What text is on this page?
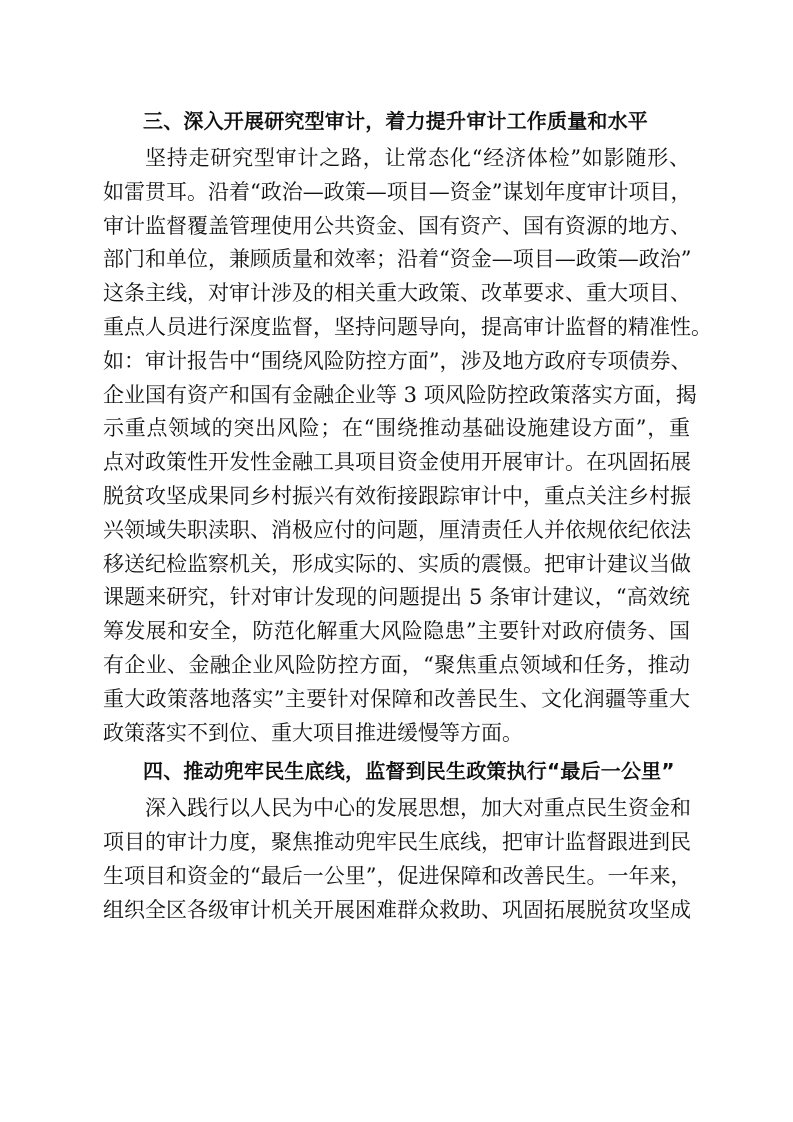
三、深入开展研究型审计，着力提升审计工作质量和水平
坚持走研究型审计之路，让常态化“经济体检”如影随形、
如雷贯耳。沿着“政治—政策—项目—资金”谋划年度审计项目，
审计监督覆盖管理使用公共资金、国有资产、国有资源的地方、
部门和单位，兼顾质量和效率；沿着“资金—项目—政策—政治”
这条主线，对审计涉及的相关重大政策、改革要求、重大项目、
重点人员进行深度监督，坚持问题导向，提高审计监督的精准性。
如：审计报告中“围绕风险防控方面”，涉及地方政府专项债券、
企业国有资产和国有金融企业等 3 项风险防控政策落实方面，揭
示重点领域的突出风险；在“围绕推动基础设施建设方面”，重
点对政策性开发性金融工具项目资金使用开展审计。在巩固拓展
脱贫攻坚成果同乡村振兴有效衔接跟踪审计中，重点关注乡村振
兴领域失职渎职、消极应付的问题，厘清责任人并依规依纪依法
移送纪检监察机关，形成实际的、实质的震慑。把审计建议当做
课题来研究，针对审计发现的问题提出 5 条审计建议，“高效统
筹发展和安全，防范化解重大风险隐患”主要针对政府债务、国
有企业、金融企业风险防控方面，“聚焦重点领域和任务，推动
重大政策落地落实”主要针对保障和改善民生、文化润疆等重大
政策落实不到位、重大项目推进缓慢等方面。
四、推动兜牢民生底线，监督到民生政策执行“最后一公里”
深入践行以人民为中心的发展思想，加大对重点民生资金和
项目的审计力度，聚焦推动兜牢民生底线，把审计监督跟进到民
生项目和资金的“最后一公里”，促进保障和改善民生。一年来，
组织全区各级审计机关开展困难群众救助、巩固拓展脱贫攻坚成
